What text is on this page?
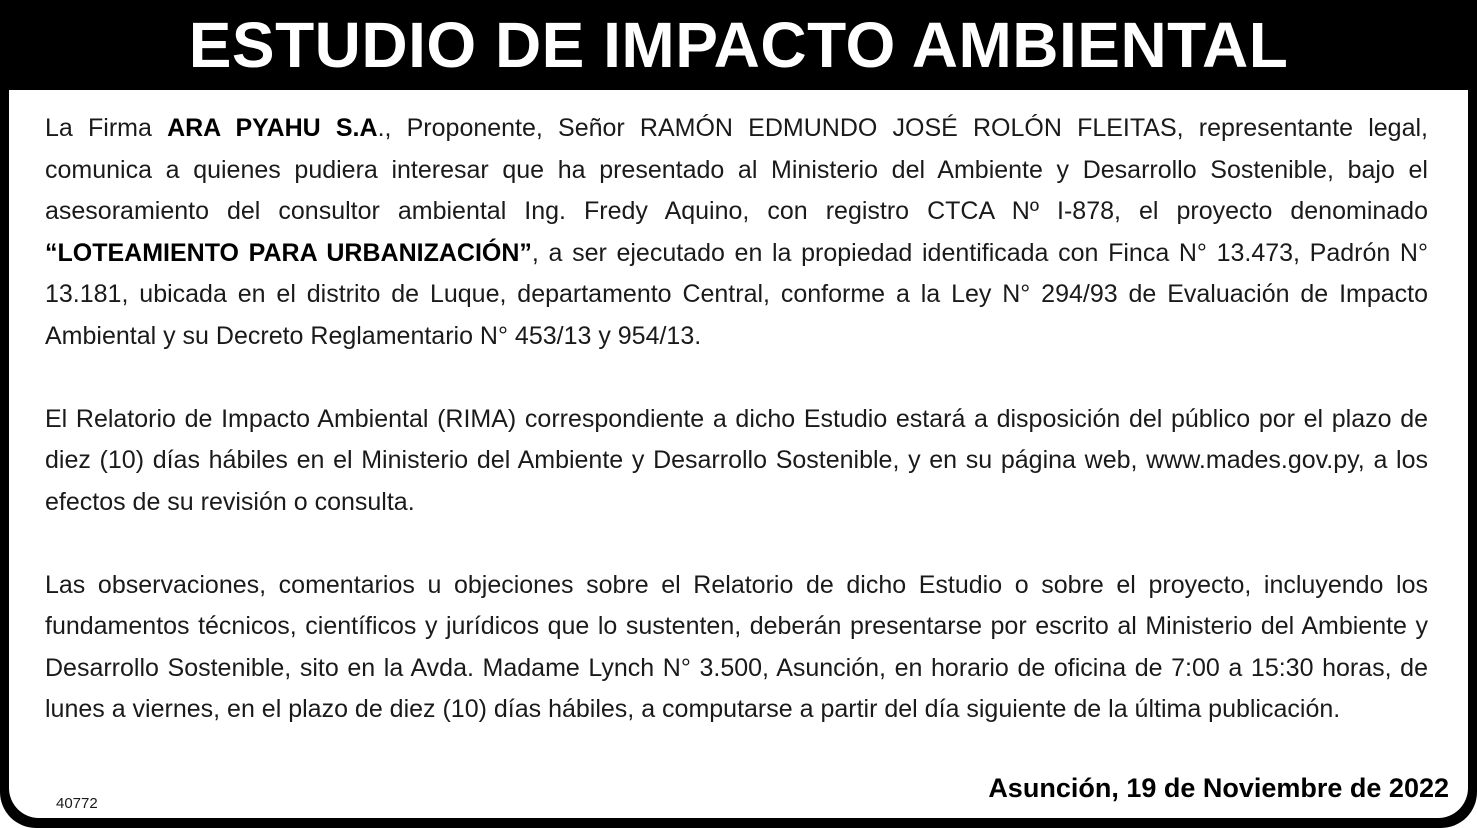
ESTUDIO DE IMPACTO AMBIENTAL

La Firma ARA PYAHU S.A., Proponente, Señor RAMÓN EDMUNDO JOSÉ ROLÓN FLEITAS, representante legal, comunica a quienes pudiera interesar que ha presentado al Ministerio del Ambiente y Desarrollo Sostenible, bajo el asesoramiento del consultor ambiental Ing. Fredy Aquino, con registro CTCA Nº I-878, el proyecto denominado “LOTEAMIENTO PARA URBANIZACIÓN”, a ser ejecutado en la propiedad identificada con Finca N° 13.473, Padrón N° 13.181, ubicada en el distrito de Luque, departamento Central, conforme a la Ley N° 294/93 de Evaluación de Impacto Ambiental y su Decreto Reglamentario N° 453/13 y 954/13.

El Relatorio de Impacto Ambiental (RIMA) correspondiente a dicho Estudio estará a disposición del público por el plazo de diez (10) días hábiles en el Ministerio del Ambiente y Desarrollo Sostenible, y en su página web, www.mades.gov.py, a los efectos de su revisión o consulta.

Las observaciones, comentarios u objeciones sobre el Relatorio de dicho Estudio o sobre el proyecto, incluyendo los fundamentos técnicos, científicos y jurídicos que lo sustenten, deberán presentarse por escrito al Ministerio del Ambiente y Desarrollo Sostenible, sito en la Avda. Madame Lynch N° 3.500, Asunción, en horario de oficina de 7:00 a 15:30 horas, de lunes a viernes, en el plazo de diez (10) días hábiles, a computarse a partir del día siguiente de la última publicación.

Asunción, 19 de Noviembre de 2022
40772
